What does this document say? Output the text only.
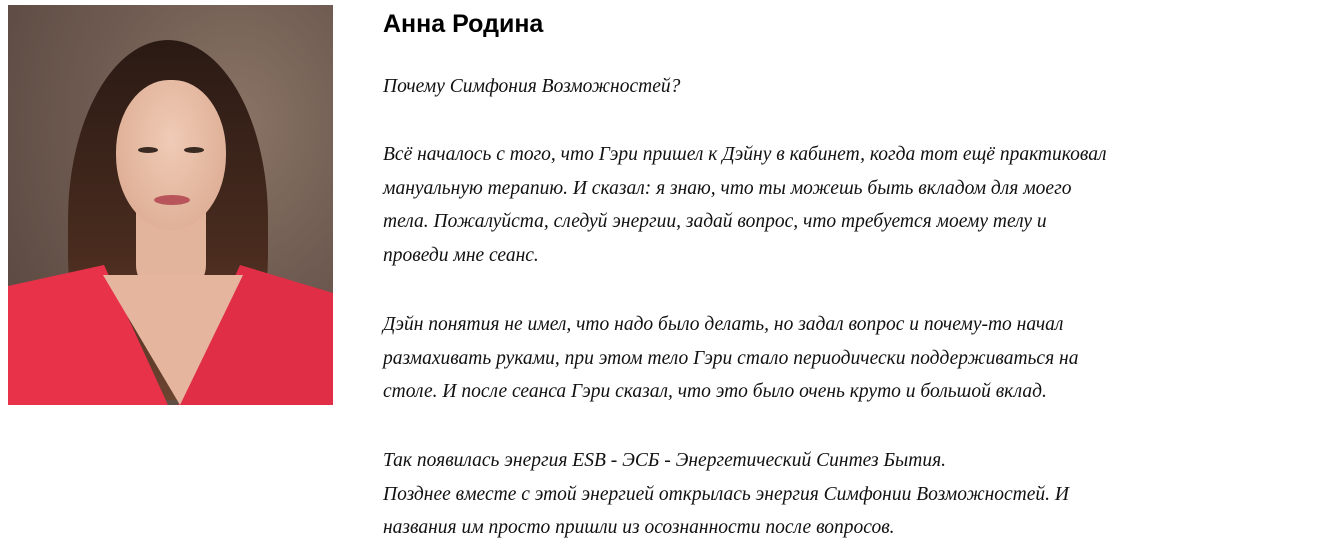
Анна Родина
Почему Симфония Возможностей?
Всё началось с того, что Гэри пришел к Дэйну в кабинет, когда тот ещё практиковал
мануальную терапию. И сказал: я знаю, что ты можешь быть вкладом для моего
тела. Пожалуйста, следуй энергии, задай вопрос, что требуется моему телу и
проведи мне сеанс.
Дэйн понятия не имел, что надо было делать, но задал вопрос и почему-то начал
размахивать руками, при этом тело Гэри стало периодически поддерживаться на
столе. И после сеанса Гэри сказал, что это было очень круто и большой вклад.
Так появилась энергия ESB - ЭСБ - Энергетический Синтез Бытия.
Позднее вместе с этой энергией открылась энергия Симфонии Возможностей. И
названия им просто пришли из осознанности после вопросов.
